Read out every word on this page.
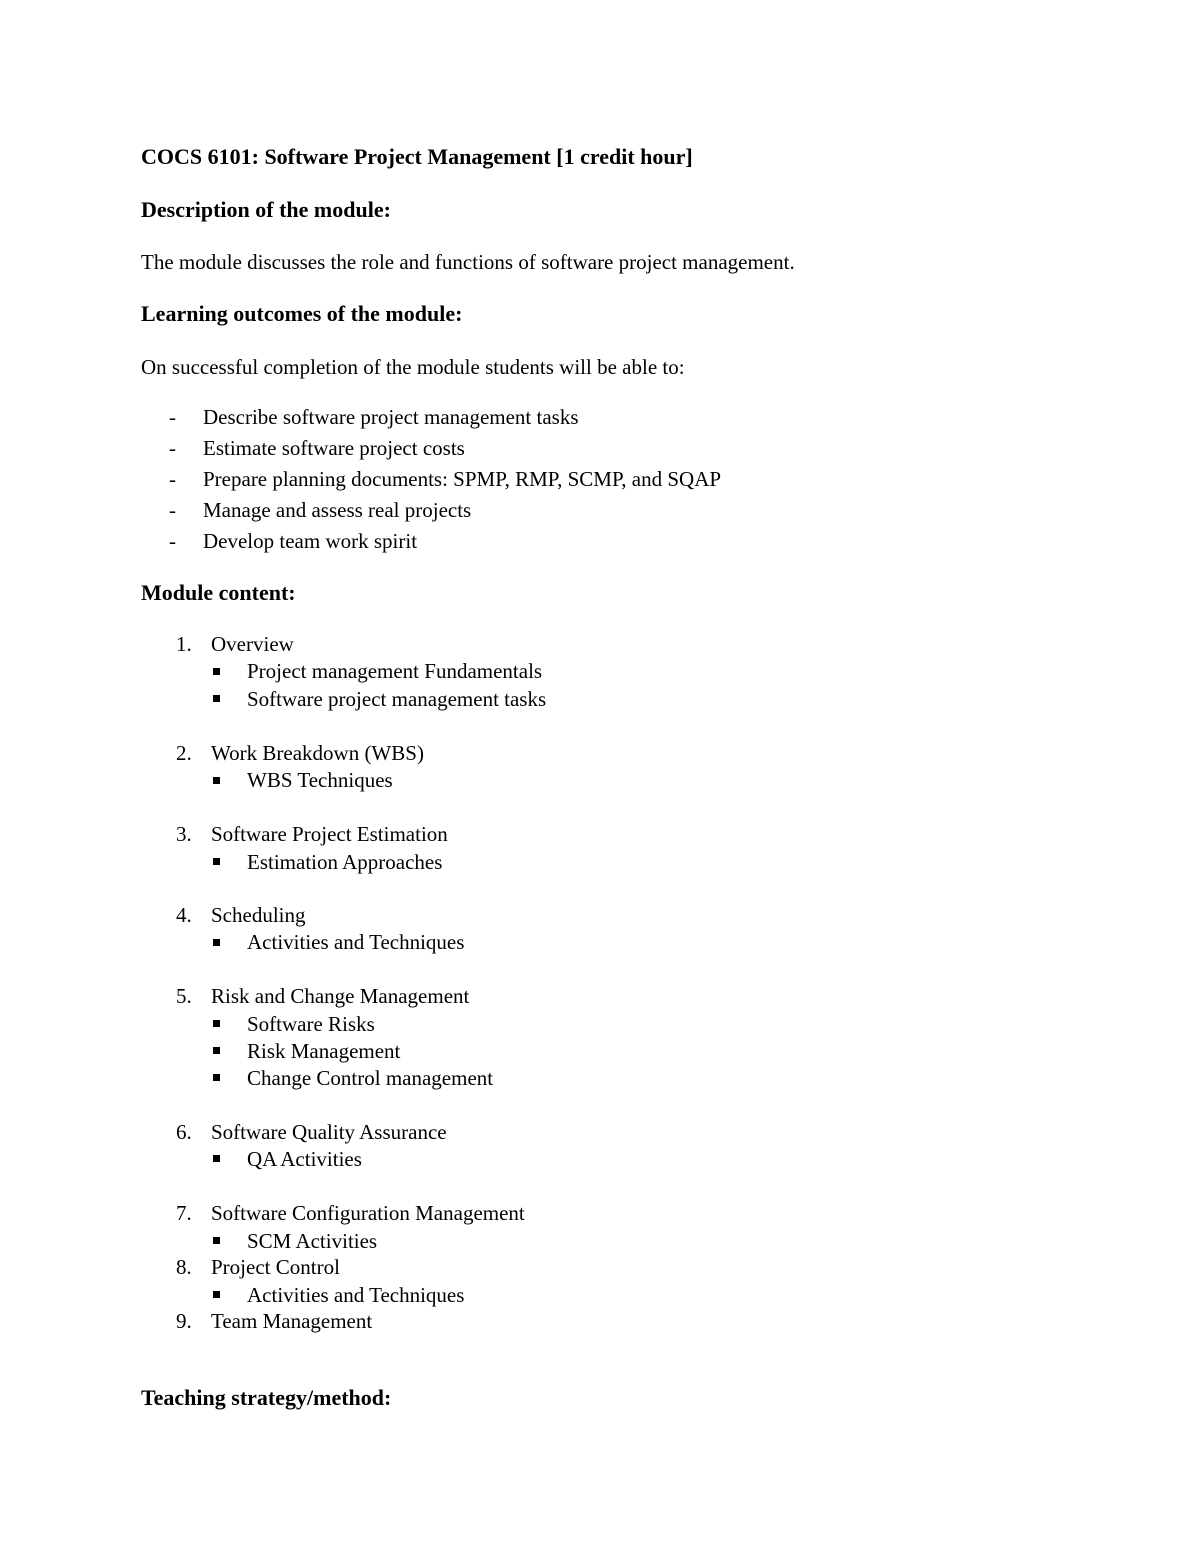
COCS 6101: Software Project Management [1 credit hour]

Description of the module:

The module discusses the role and functions of software project management.

Learning outcomes of the module:

On successful completion of the module students will be able to:

- Describe software project management tasks

- Estimate software project costs

- Prepare planning documents: SPMP, RMP, SCMP, and SQAP

- Manage and assess real projects

- Develop team work spirit

Module content:

1. Overview

Project management Fundamentals

Software project management tasks

2. Work Breakdown (WBS)

WBS Techniques

3. Software Project Estimation

Estimation Approaches

4. Scheduling

Activities and Techniques

5. Risk and Change Management

Software Risks

Risk Management

Change Control management

6. Software Quality Assurance

QA Activities

7. Software Configuration Management

SCM Activities

8. Project Control

Activities and Techniques

9. Team Management

Teaching strategy/method:
